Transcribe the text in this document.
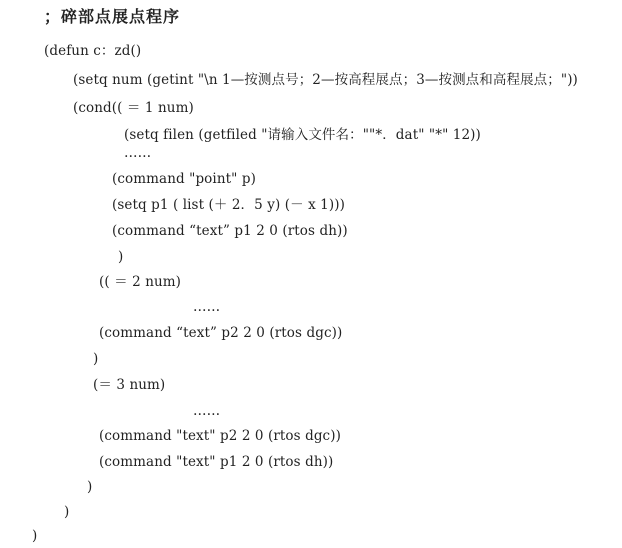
；碎部点展点程序
(defun c：zd()
(setq num (getint "\n 1—按测点号；2—按高程展点；3—按测点和高程展点；"))
(cond(( ＝ 1 num)
(setq filen (getfiled "请输入文件名：""*．dat" "*" 12))
……
(command "point" p)
(setq p1 ( list (＋ 2．5 y) (－ x 1)))
(command “text” p1 2 0 (rtos dh))
)
(( ＝ 2 num)
……
(command “text” p2 2 0 (rtos dgc))
)
(＝ 3 num)
……
(command "text" p2 2 0 (rtos dgc))
(command "text" p1 2 0 (rtos dh))
)
)
)
